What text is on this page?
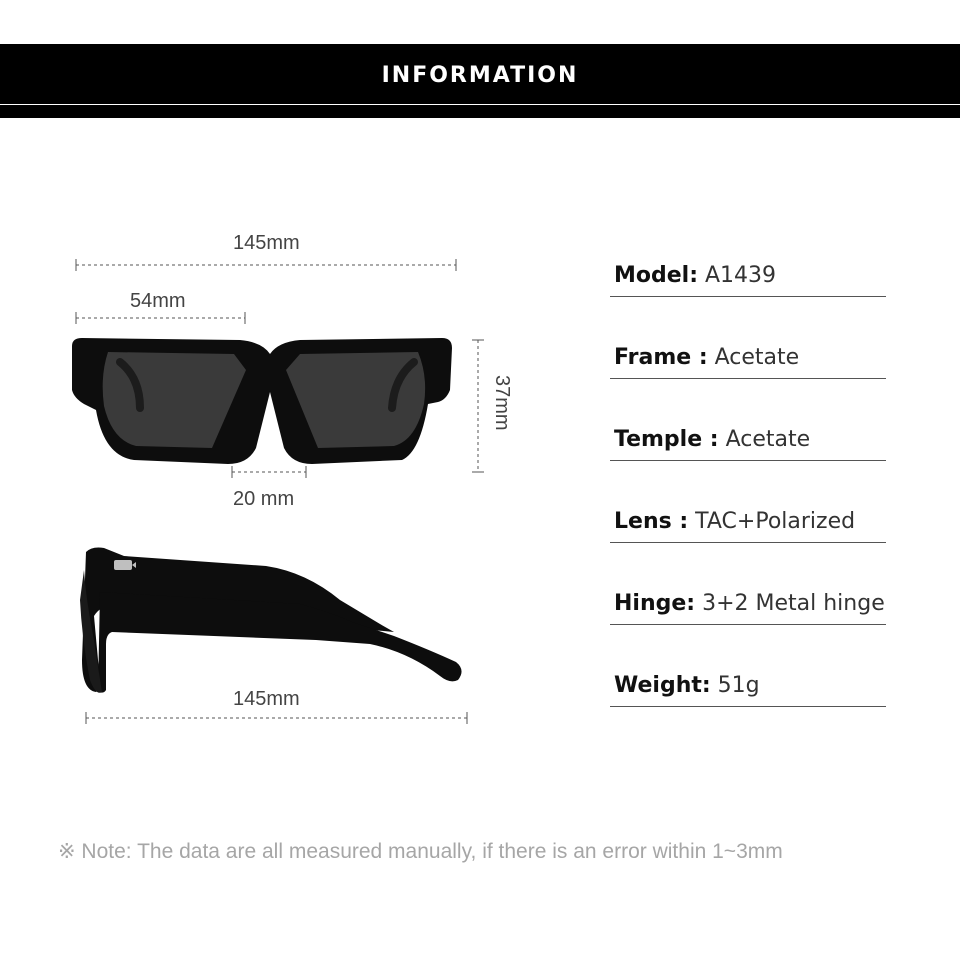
INFORMATION
145mm
54mm
37mm
20 mm
145mm
Model: A1439
Frame : Acetate
Temple : Acetate
Lens : TAC+Polarized
Hinge: 3+2 Metal hinge
Weight: 51g
※ Note: The data are all measured manually, if there is an error within 1~3mm
